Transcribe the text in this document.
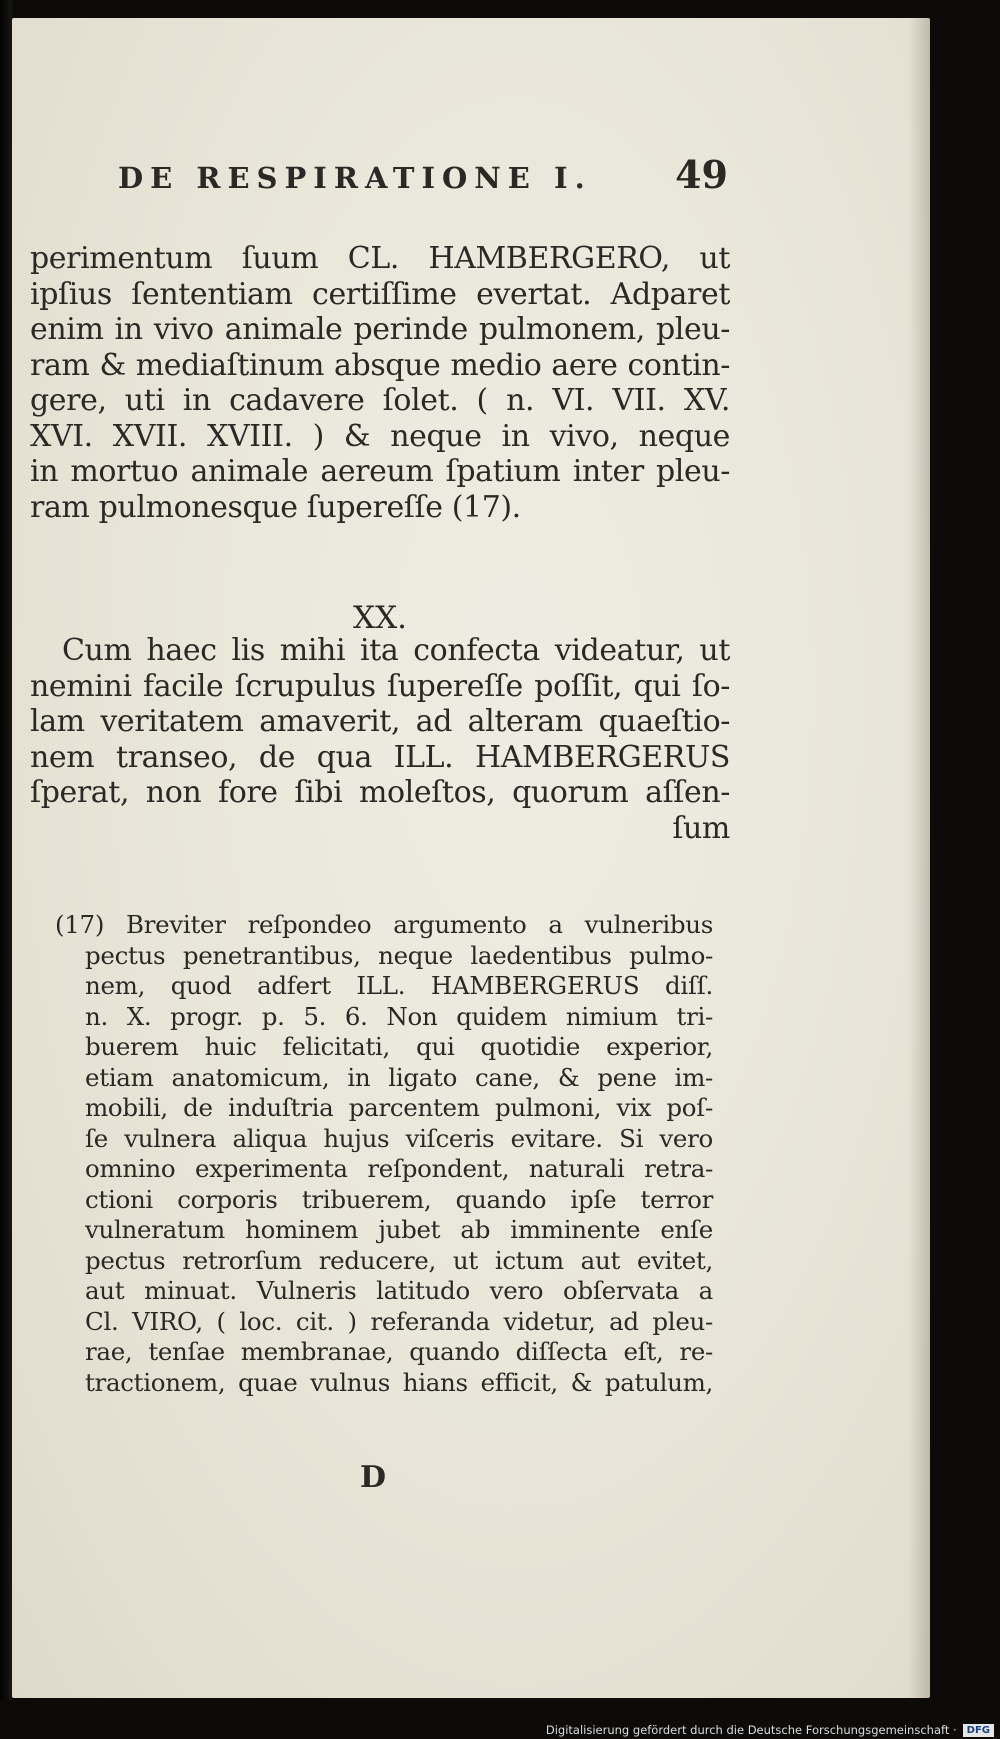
DE RESPIRATIONE I. 49
perimentum ſuum CL. HAMBERGERO, ut
ipſius ſententiam certiſſime evertat. Adparet
enim in vivo animale perinde pulmonem, pleu-
ram & mediaſtinum absque medio aere contin-
gere, uti in cadavere ſolet. ( n. VI. VII. XV.
XVI. XVII. XVIII. ) & neque in vivo, neque
in mortuo animale aereum ſpatium inter pleu-
ram pulmonesque ſupereſſe (17).
XX.
Cum haec lis mihi ita confecta videatur, ut
nemini facile ſcrupulus ſupereſſe poſſit, qui ſo-
lam veritatem amaverit, ad alteram quaeſtio-
nem transeo, de qua ILL. HAMBERGERUS
ſperat, non fore ſibi moleſtos, quorum aſſen-
ſum
(17) Breviter reſpondeo argumento a vulneribus
pectus penetrantibus, neque laedentibus pulmo-
nem, quod adfert ILL. HAMBERGERUS diſſ.
n. X. progr. p. 5. 6. Non quidem nimium tri-
buerem huic felicitati, qui quotidie experior,
etiam anatomicum, in ligato cane, & pene im-
mobili, de induſtria parcentem pulmoni, vix poſ-
ſe vulnera aliqua hujus viſceris evitare. Si vero
omnino experimenta reſpondent, naturali retra-
ctioni corporis tribuerem, quando ipſe terror
vulneratum hominem jubet ab imminente enſe
pectus retrorſum reducere, ut ictum aut evitet,
aut minuat. Vulneris latitudo vero obſervata a
Cl. VIRO, ( loc. cit. ) referanda videtur, ad pleu-
rae, tenſae membranae, quando diſſecta eſt, re-
tractionem, quae vulnus hians efficit, & patulum,
D
Digitalisierung gefördert durch die Deutsche Forschungsgemeinschaft ·	DFG
